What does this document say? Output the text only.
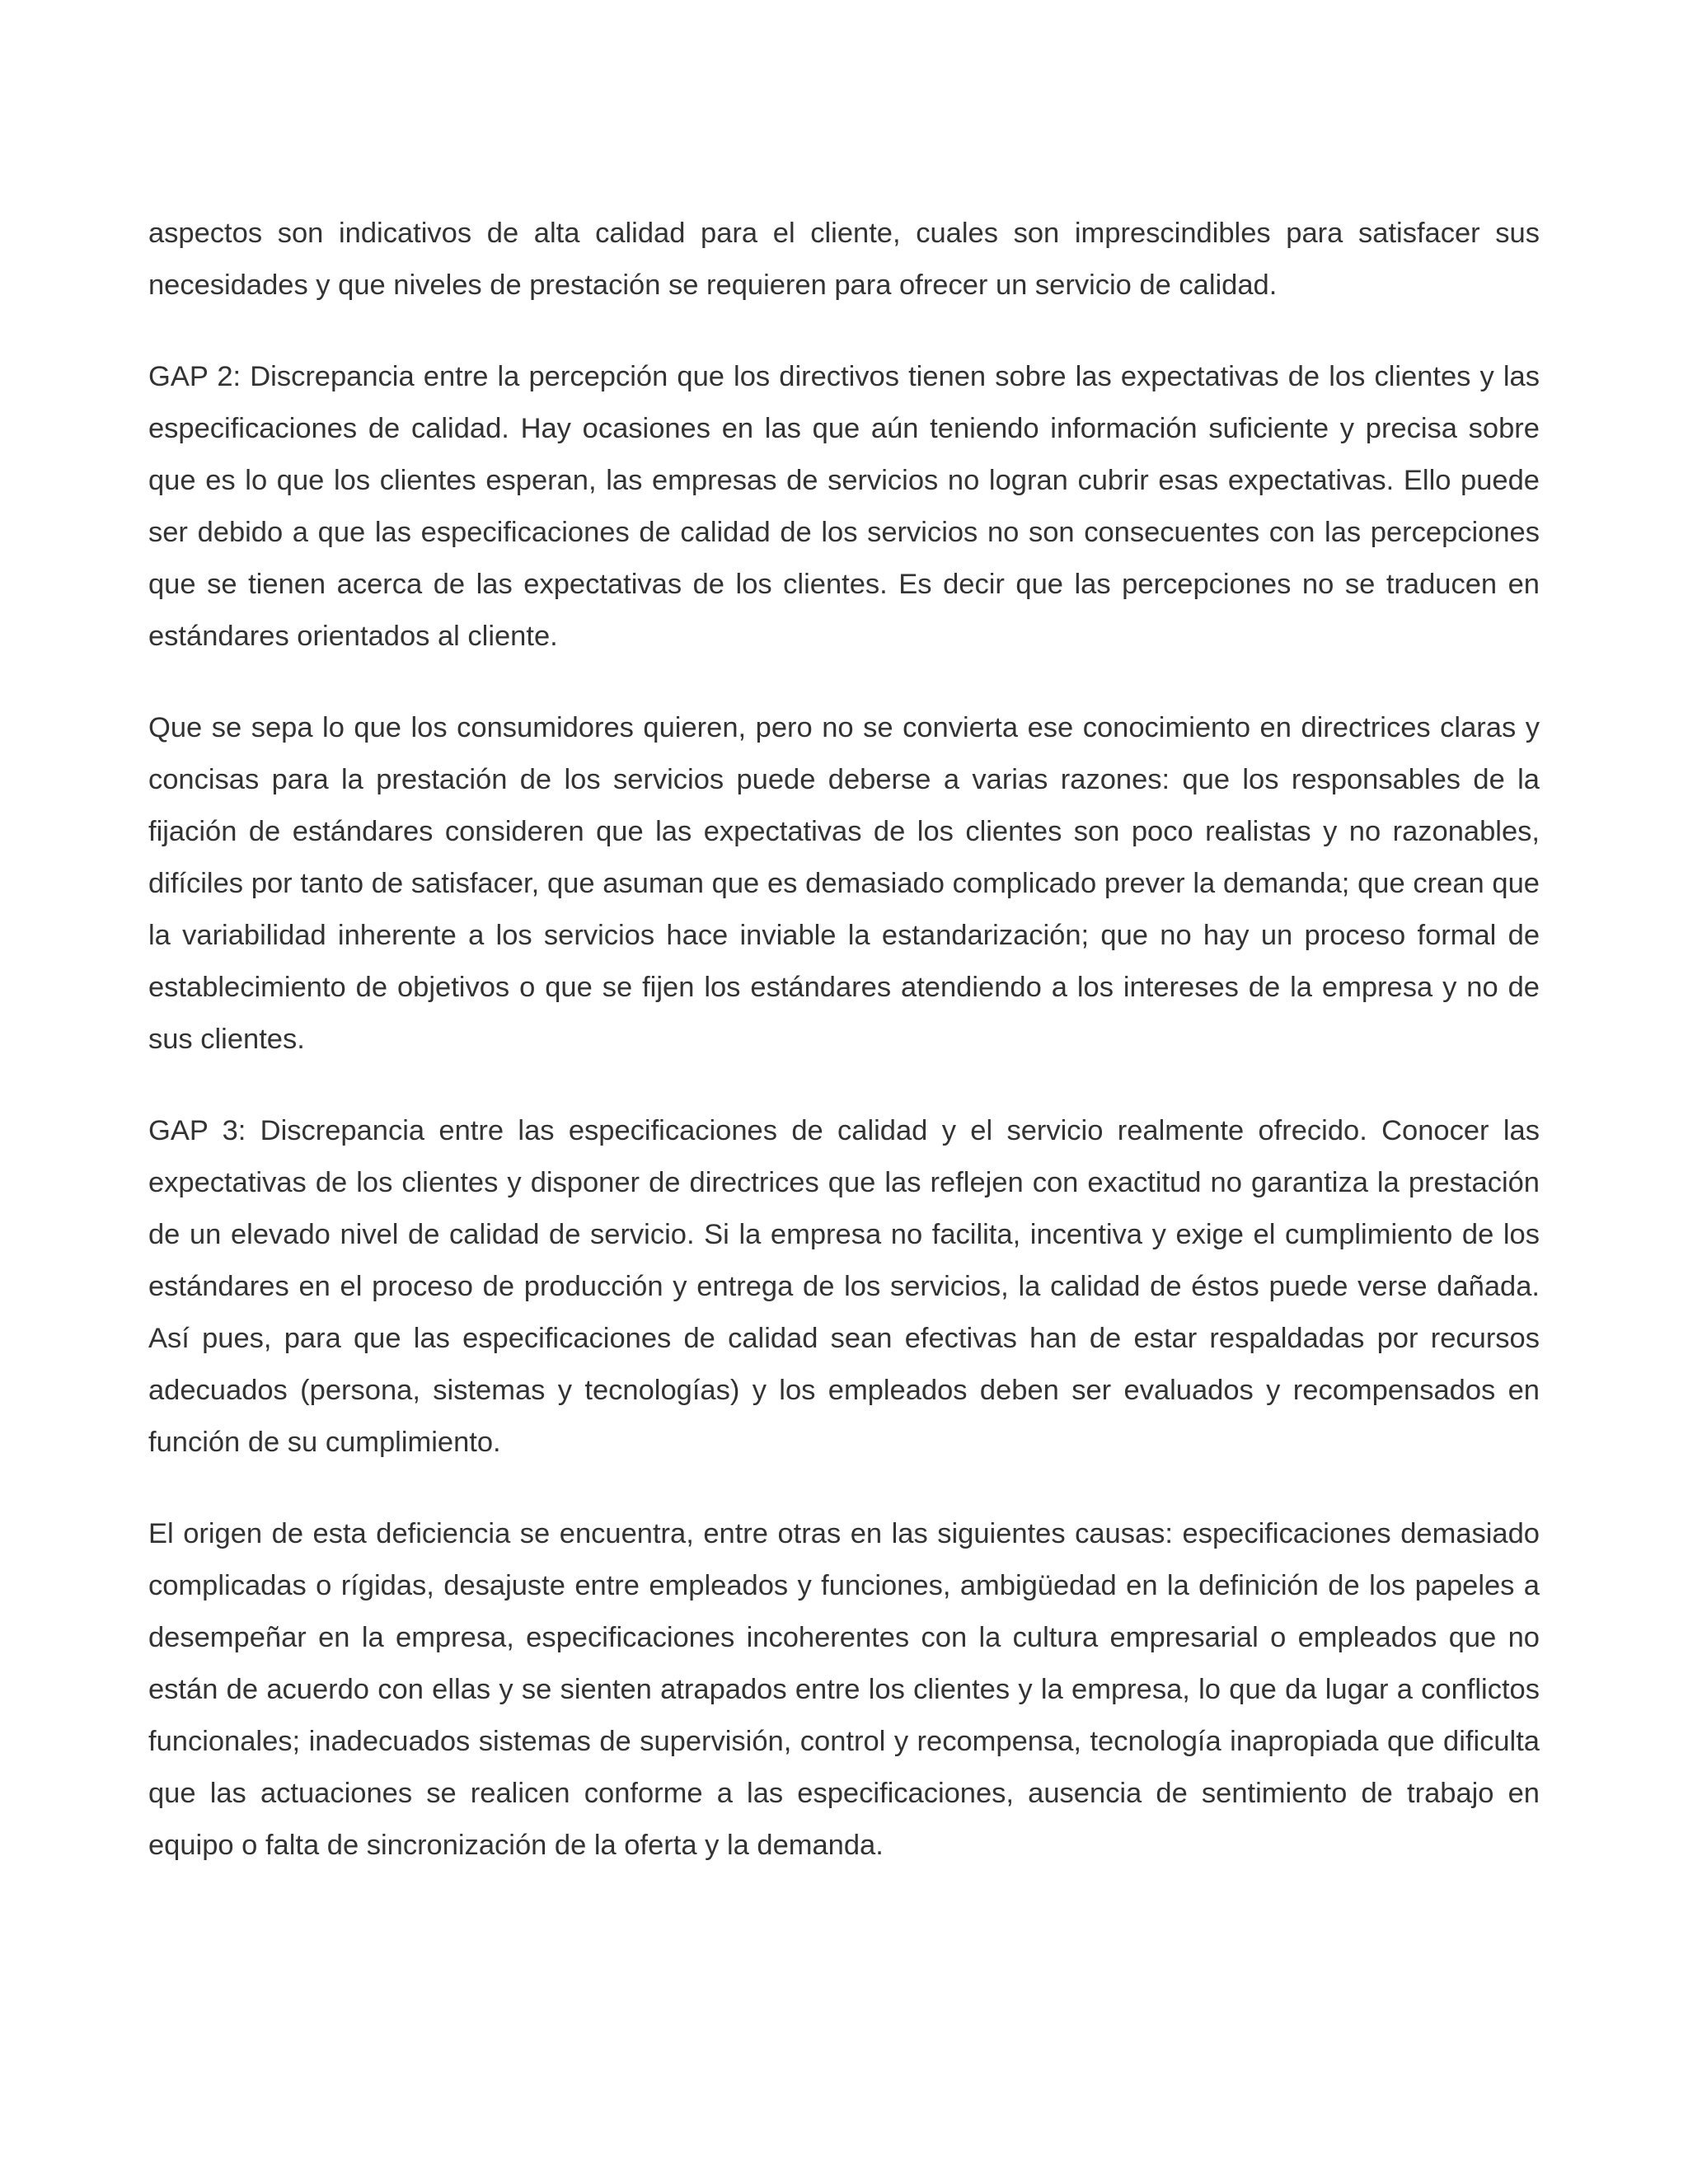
aspectos son indicativos de alta calidad para el cliente, cuales son imprescindibles para satisfacer sus necesidades y que niveles de prestación se requieren para ofrecer un servicio de calidad.

GAP 2: Discrepancia entre la percepción que los directivos tienen sobre las expectativas de los clientes y las especificaciones de calidad. Hay ocasiones en las que aún teniendo información suficiente y precisa sobre que es lo que los clientes esperan, las empresas de servicios no logran cubrir esas expectativas. Ello puede ser debido a que las especificaciones de calidad de los servicios no son consecuentes con las percepciones que se tienen acerca de las expectativas de los clientes. Es decir que las percepciones no se traducen en estándares orientados al cliente.

Que se sepa lo que los consumidores quieren, pero no se convierta ese conocimiento en directrices claras y concisas para la prestación de los servicios puede deberse a varias razones: que los responsables de la fijación de estándares consideren que las expectativas de los clientes son poco realistas y no razonables, difíciles por tanto de satisfacer, que asuman que es demasiado complicado prever la demanda; que crean que la variabilidad inherente a los servicios hace inviable la estandarización; que no hay un proceso formal de establecimiento de objetivos o que se fijen los estándares atendiendo a los intereses de la empresa y no de sus clientes.

GAP 3: Discrepancia entre las especificaciones de calidad y el servicio realmente ofrecido. Conocer las expectativas de los clientes y disponer de directrices que las reflejen con exactitud no garantiza la prestación de un elevado nivel de calidad de servicio. Si la empresa no facilita, incentiva y exige el cumplimiento de los estándares en el proceso de producción y entrega de los servicios, la calidad de éstos puede verse dañada. Así pues, para que las especificaciones de calidad sean efectivas han de estar respaldadas por recursos adecuados (persona, sistemas y tecnologías) y los empleados deben ser evaluados y recompensados en función de su cumplimiento.

El origen de esta deficiencia se encuentra, entre otras en las siguientes causas: especificaciones demasiado complicadas o rígidas, desajuste entre empleados y funciones, ambigüedad en la definición de los papeles a desempeñar en la empresa, especificaciones incoherentes con la cultura empresarial o empleados que no están de acuerdo con ellas y se sienten atrapados entre los clientes y la empresa, lo que da lugar a conflictos funcionales; inadecuados sistemas de supervisión, control y recompensa, tecnología inapropiada que dificulta que las actuaciones se realicen conforme a las especificaciones, ausencia de sentimiento de trabajo en equipo o falta de sincronización de la oferta y la demanda.
